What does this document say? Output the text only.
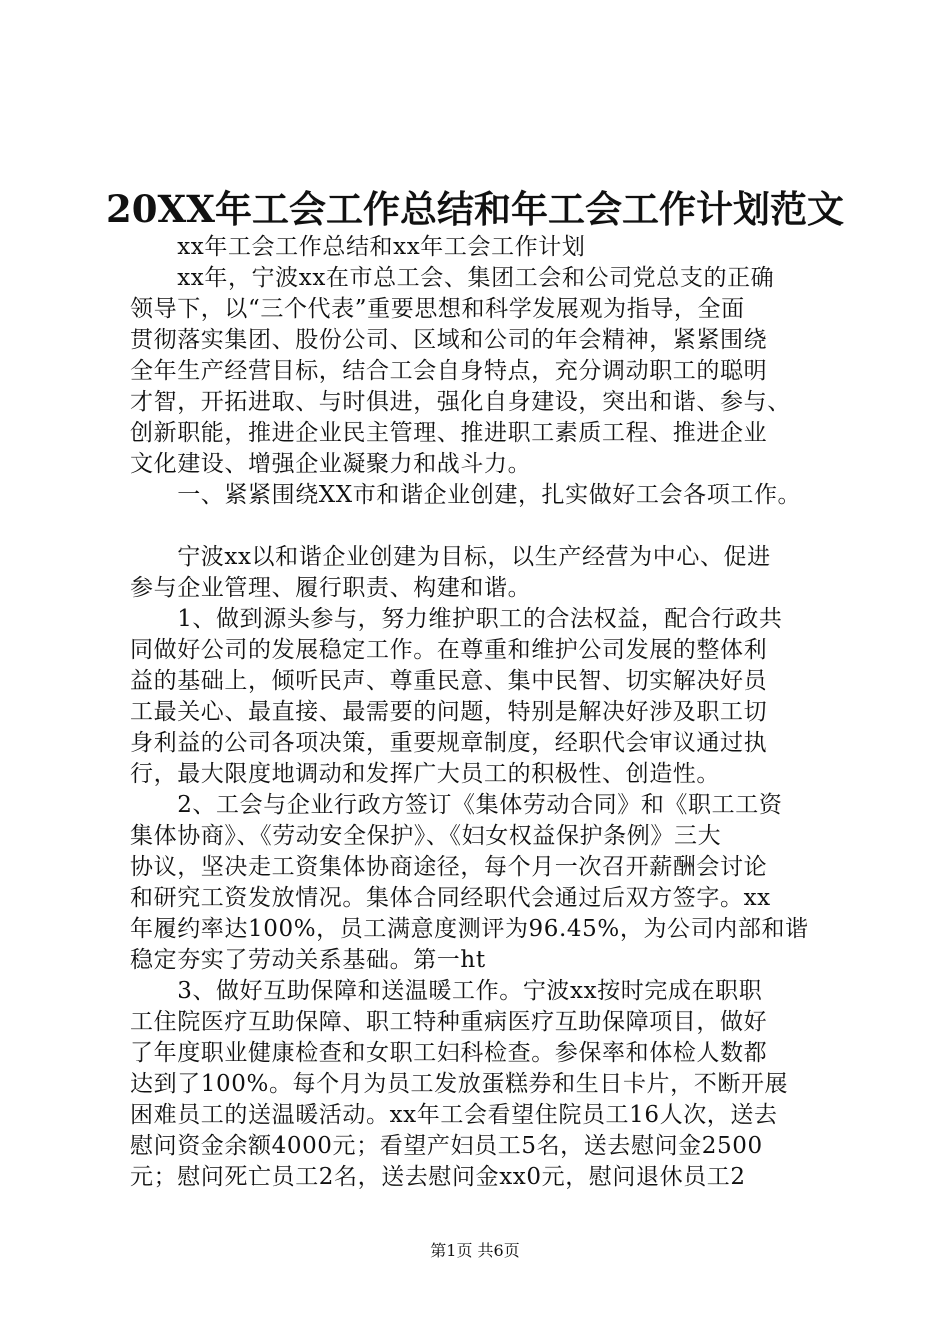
20XX年工会工作总结和年工会工作计划范文
　　xx年工会工作总结和xx年工会工作计划
　　xx年，宁波xx在市总工会、集团工会和公司党总支的正确
领导下，以“三个代表”重要思想和科学发展观为指导，全面
贯彻落实集团、股份公司、区域和公司的年会精神，紧紧围绕
全年生产经营目标，结合工会自身特点，充分调动职工的聪明
才智，开拓进取、与时俱进，强化自身建设，突出和谐、参与、
创新职能，推进企业民主管理、推进职工素质工程、推进企业
文化建设、增强企业凝聚力和战斗力。
　　一、紧紧围绕XX市和谐企业创建，扎实做好工会各项工作。
　　宁波xx以和谐企业创建为目标，以生产经营为中心、促进
参与企业管理、履行职责、构建和谐。
　　1、做到源头参与，努力维护职工的合法权益，配合行政共
同做好公司的发展稳定工作。在尊重和维护公司发展的整体利
益的基础上，倾听民声、尊重民意、集中民智、切实解决好员
工最关心、最直接、最需要的问题，特别是解决好涉及职工切
身利益的公司各项决策，重要规章制度，经职代会审议通过执
行，最大限度地调动和发挥广大员工的积极性、创造性。
　　2、工会与企业行政方签订《集体劳动合同》和《职工工资
集体协商》、《劳动安全保护》、《妇女权益保护条例》三大
协议，坚决走工资集体协商途径，每个月一次召开薪酬会讨论
和研究工资发放情况。集体合同经职代会通过后双方签字。xx
年履约率达100%，员工满意度测评为96.45%，为公司内部和谐
稳定夯实了劳动关系基础。第一ht
　　3、做好互助保障和送温暖工作。宁波xx按时完成在职职
工住院医疗互助保障、职工特种重病医疗互助保障项目，做好
了年度职业健康检查和女职工妇科检查。参保率和体检人数都
达到了100%。每个月为员工发放蛋糕券和生日卡片，不断开展
困难员工的送温暖活动。xx年工会看望住院员工16人次，送去
慰问资金余额4000元；看望产妇员工5名，送去慰问金2500
元；慰问死亡员工2名，送去慰问金xx0元，慰问退休员工2
第1页 共6页
